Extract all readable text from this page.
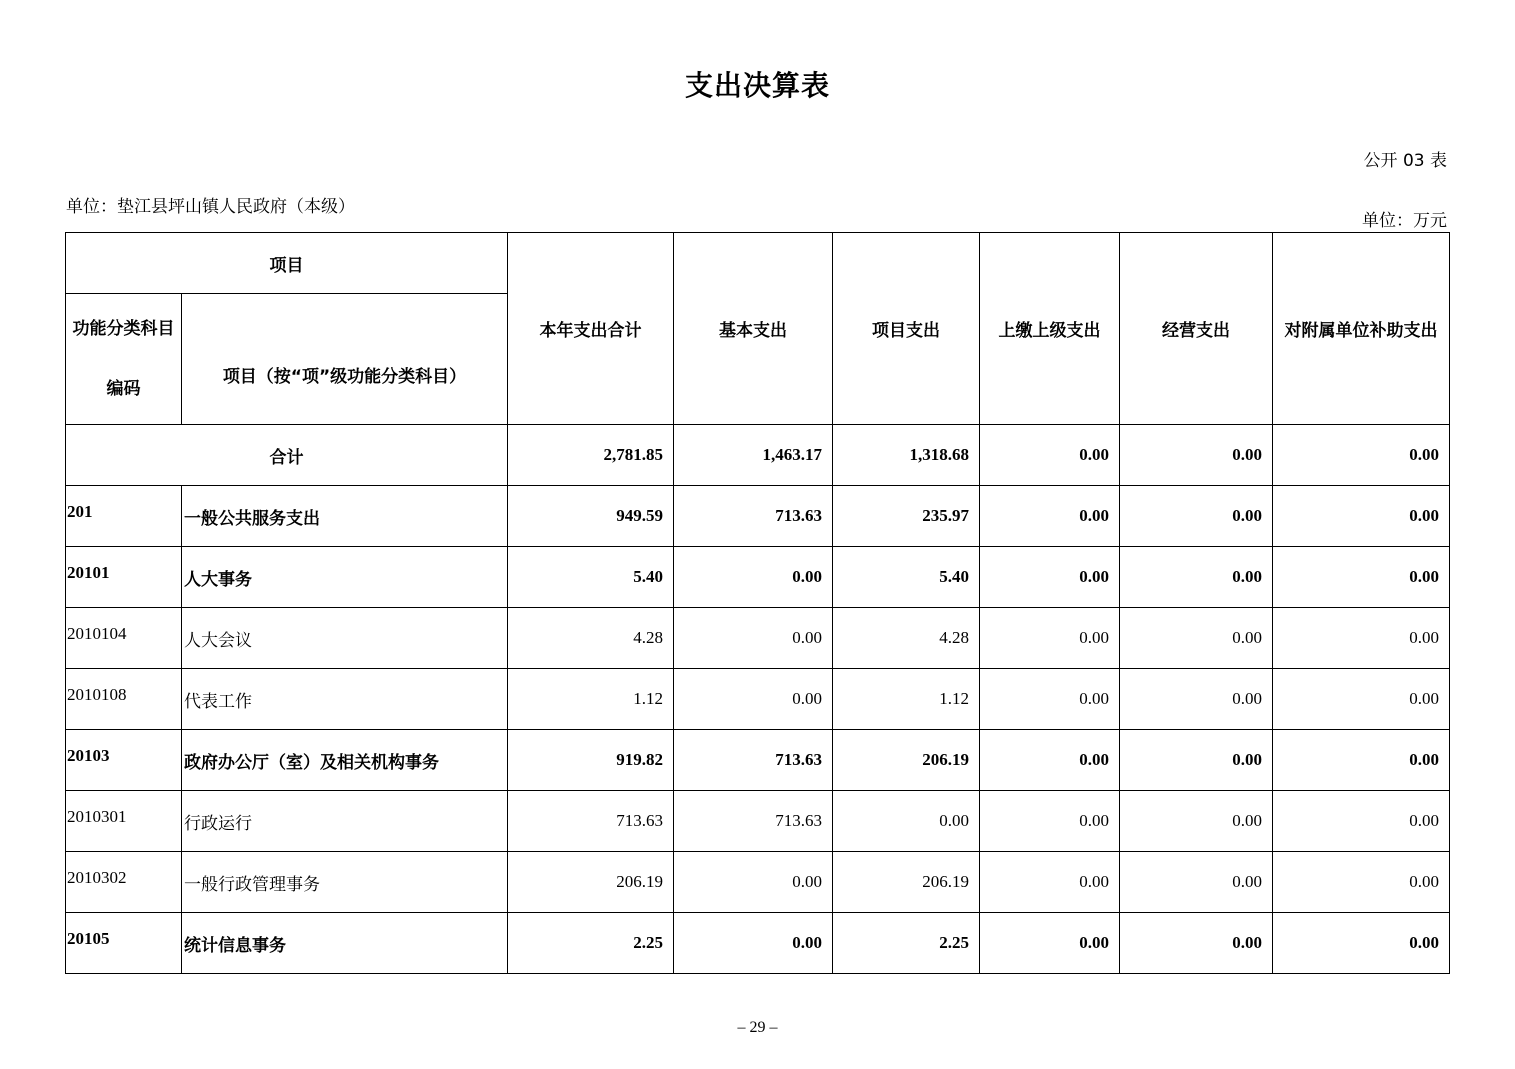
支出决算表
公开 03 表
单位：垫江县坪山镇人民政府（本级）
单位：万元
项目		本年支出合计	基本支出	项目支出	上缴上级支出	经营支出	对附属单位补助支出

功能分类科目
编码	项目（按“项”级功能分类科目）						
合计		2,781.85	1,463.17	1,318.68	0.00	0.00	0.00
201	一般公共服务支出	949.59	713.63	235.97	0.00	0.00	0.00
20101	人大事务	5.40	0.00	5.40	0.00	0.00	0.00
2010104	人大会议	4.28	0.00	4.28	0.00	0.00	0.00
2010108	代表工作	1.12	0.00	1.12	0.00	0.00	0.00
20103	政府办公厅（室）及相关机构事务	919.82	713.63	206.19	0.00	0.00	0.00
2010301	行政运行	713.63	713.63	0.00	0.00	0.00	0.00
2010302	一般行政管理事务	206.19	0.00	206.19	0.00	0.00	0.00
20105	统计信息事务	2.25	0.00	2.25	0.00	0.00	0.00
– 29 –
